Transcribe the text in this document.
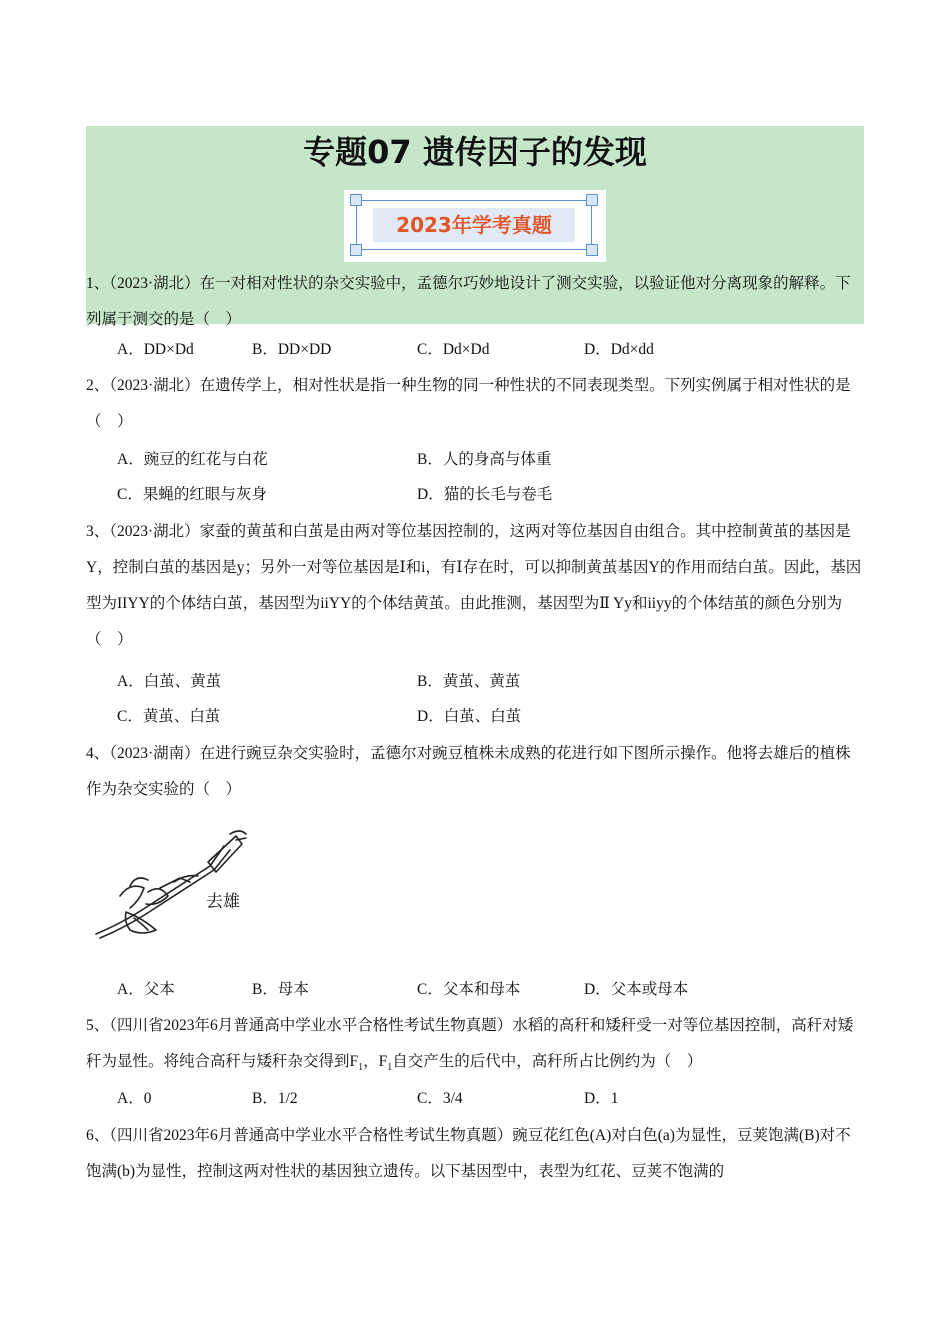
专题07 遗传因子的发现
2023年学考真题

1、（2023·湖北）在一对相对性状的杂交实验中，孟德尔巧妙地设计了测交实验，以验证他对分离现象的解释。下列属于测交的是（　）

A．DD×Dd	B．DD×DD	C．Dd×Dd	D．Dd×dd

2、（2023·湖北）在遗传学上，相对性状是指一种生物的同一种性状的不同表现类型。下列实例属于相对性状的是（　）

A．豌豆的红花与白花	B．人的身高与体重
C．果蝇的红眼与灰身	D．猫的长毛与卷毛

3、（2023·湖北）家蚕的黄茧和白茧是由两对等位基因控制的，这两对等位基因自由组合。其中控制黄茧的基因是Y，控制白茧的基因是y；另外一对等位基因是Ⅰ和i，有Ⅰ存在时，可以抑制黄茧基因Y的作用而结白茧。因此，基因型为IIYY的个体结白茧，基因型为iiYY的个体结黄茧。由此推测，基因型为Ⅱ Yy和iiyy的个体结茧的颜色分别为（　）

A．白茧、黄茧	B．黄茧、黄茧
C．黄茧、白茧	D．白茧、白茧

4、（2023·湖南）在进行豌豆杂交实验时，孟德尔对豌豆植株未成熟的花进行如下图所示操作。他将去雄后的植株作为杂交实验的（　）

去雄
A．父本	B．母本	C．父本和母本	D．父本或母本

5、（四川省2023年6月普通高中学业水平合格性考试生物真题）水稻的高秆和矮秆受一对等位基因控制，高秆对矮秆为显性。将纯合高秆与矮秆杂交得到$F_1$，$F_1$自交产生的后代中，高秆所占比例约为（　）

A．0	B．1/2	C．3/4	D．1

6、（四川省2023年6月普通高中学业水平合格性考试生物真题）豌豆花红色(A)对白色(a)为显性，豆荚饱满(B)对不饱满(b)为显性，控制这两对性状的基因独立遗传。以下基因型中，表型为红花、豆荚不饱满的
